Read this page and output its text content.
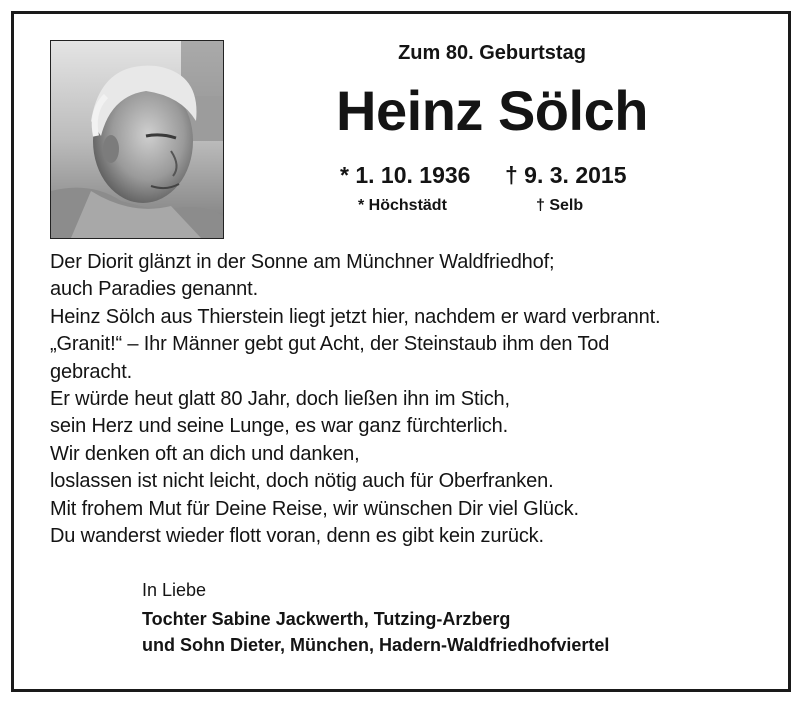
Zum 80. Geburtstag
Heinz Sölch
* 1. 10. 1936 † 9. 3. 2015
* Höchstädt	† Selb
Der Diorit glänzt in der Sonne am Münchner Waldfriedhof;
auch Paradies genannt.
Heinz Sölch aus Thierstein liegt jetzt hier, nachdem er ward verbrannt.
„Granit!“ – Ihr Männer gebt gut Acht, der Steinstaub ihm den Tod
gebracht.
Er würde heut glatt 80 Jahr, doch ließen ihn im Stich,
sein Herz und seine Lunge, es war ganz fürchterlich.
Wir denken oft an dich und danken,
loslassen ist nicht leicht, doch nötig auch für Oberfranken.
Mit frohem Mut für Deine Reise, wir wünschen Dir viel Glück.
Du wanderst wieder flott voran, denn es gibt kein zurück.
In Liebe
Tochter Sabine Jackwerth, Tutzing-Arzberg
und Sohn Dieter, München, Hadern-Waldfriedhofviertel
